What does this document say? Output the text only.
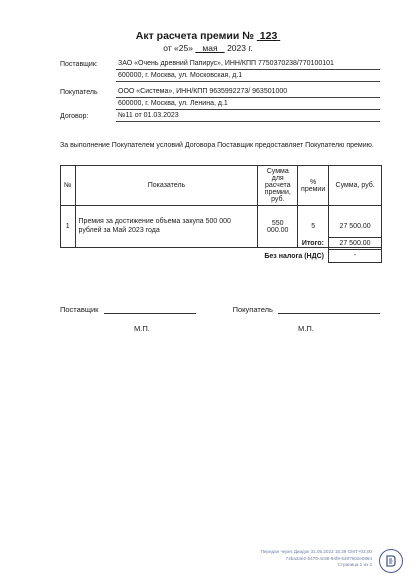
Акт расчета премии № 123
от «25» мая 2023 г.
Поставщик:	ЗАО «Очень древний Папирус», ИНН/КПП 7750370238/770100101
600000, г. Москва, ул. Московская, д.1
Покупатель	ООО «Система», ИНН/КПП 9635992273/ 963501000
600000, г. Москва, ул. Ленина, д.1
Договор:	№11 от 01.03.2023
За выполнение Покупателем условий Договора Поставщик предоставляет Покупателю премию.
№	Показатель	Сумма для расчета премии, руб.	% премии	Сумма, руб.
1	Премия за достижение объема закупа 500 000 рублей за Май 2023 года	550 000.00	5	27 500.00
Итого:	27 500.00
Без налога (НДС)	-
Поставщик	Покупатель
М.П.	М.П.
Передан через Диадок 31.05.2023 15:39 GMT+03:00
74ba34e2-b470-4c88-84f9-5487902e0864
Страница 1 из 2
